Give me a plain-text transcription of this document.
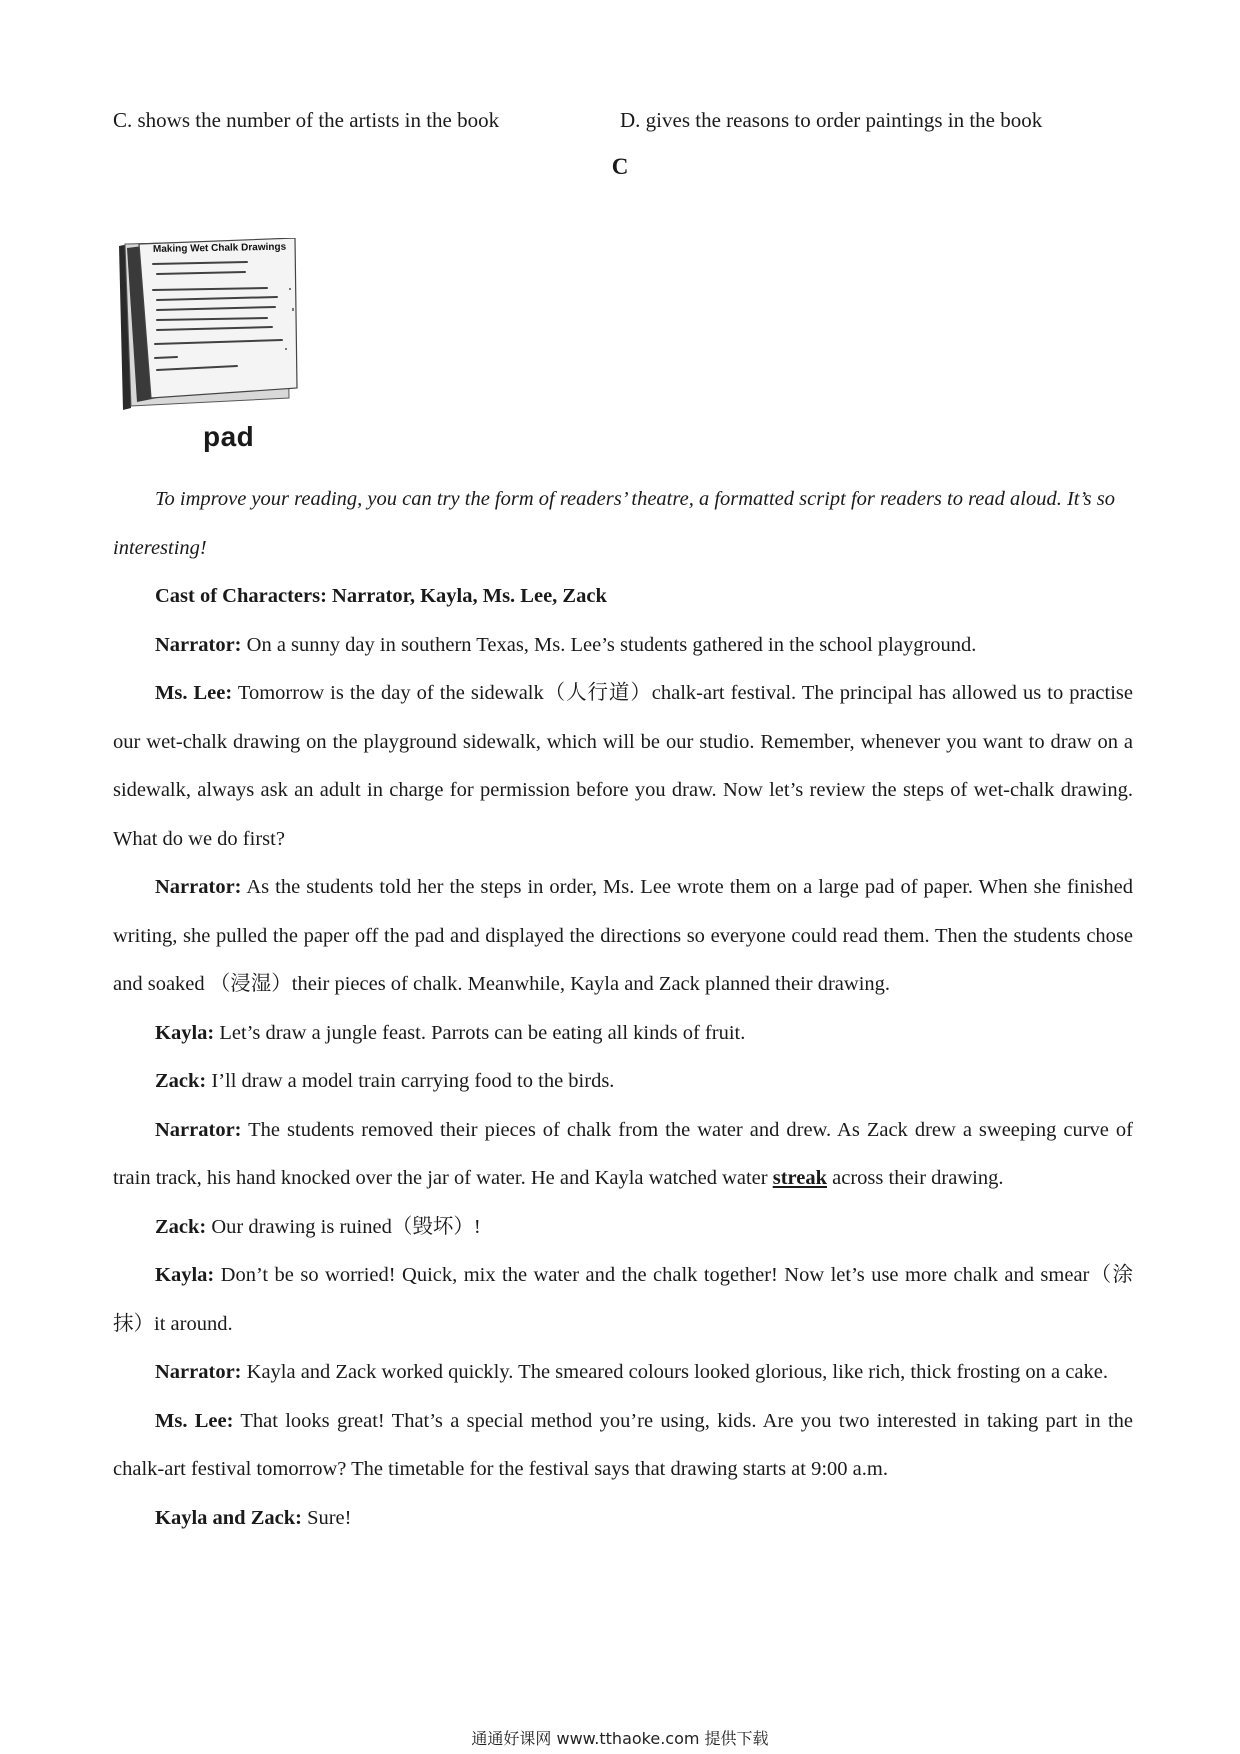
C. shows the number of the artists in the book	D. gives the reasons to order paintings in the book
C
Making Wet Chalk Drawings
pad

To improve your reading, you can try the form of readers’ theatre, a formatted script for readers to read aloud. It’s so interesting!

Cast of Characters: Narrator, Kayla, Ms. Lee, Zack

Narrator: On a sunny day in southern Texas, Ms. Lee’s students gathered in the school playground.

Ms. Lee: Tomorrow is the day of the sidewalk（人行道）chalk-art festival. The principal has allowed us to practise our wet-chalk drawing on the playground sidewalk, which will be our studio. Remember, whenever you want to draw on a sidewalk, always ask an adult in charge for permission before you draw. Now let’s review the steps of wet-chalk drawing. What do we do first?

Narrator: As the students told her the steps in order, Ms. Lee wrote them on a large pad of paper. When she finished writing, she pulled the paper off the pad and displayed the directions so everyone could read them. Then the students chose and soaked （浸湿）their pieces of chalk. Meanwhile, Kayla and Zack planned their drawing.

Kayla: Let’s draw a jungle feast. Parrots can be eating all kinds of fruit.

Zack: I’ll draw a model train carrying food to the birds.

Narrator: The students removed their pieces of chalk from the water and drew. As Zack drew a sweeping curve of train track, his hand knocked over the jar of water. He and Kayla watched water streak across their drawing.

Zack: Our drawing is ruined（毁坏）!

Kayla: Don’t be so worried! Quick, mix the water and the chalk together! Now let’s use more chalk and smear（涂抹）it around.

Narrator: Kayla and Zack worked quickly. The smeared colours looked glorious, like rich, thick frosting on a cake.

Ms. Lee: That looks great! That’s a special method you’re using, kids. Are you two interested in taking part in the chalk-art festival tomorrow? The timetable for the festival says that drawing starts at 9:00 a.m.

Kayla and Zack: Sure!

通通好课网 www.tthaoke.com 提供下载
